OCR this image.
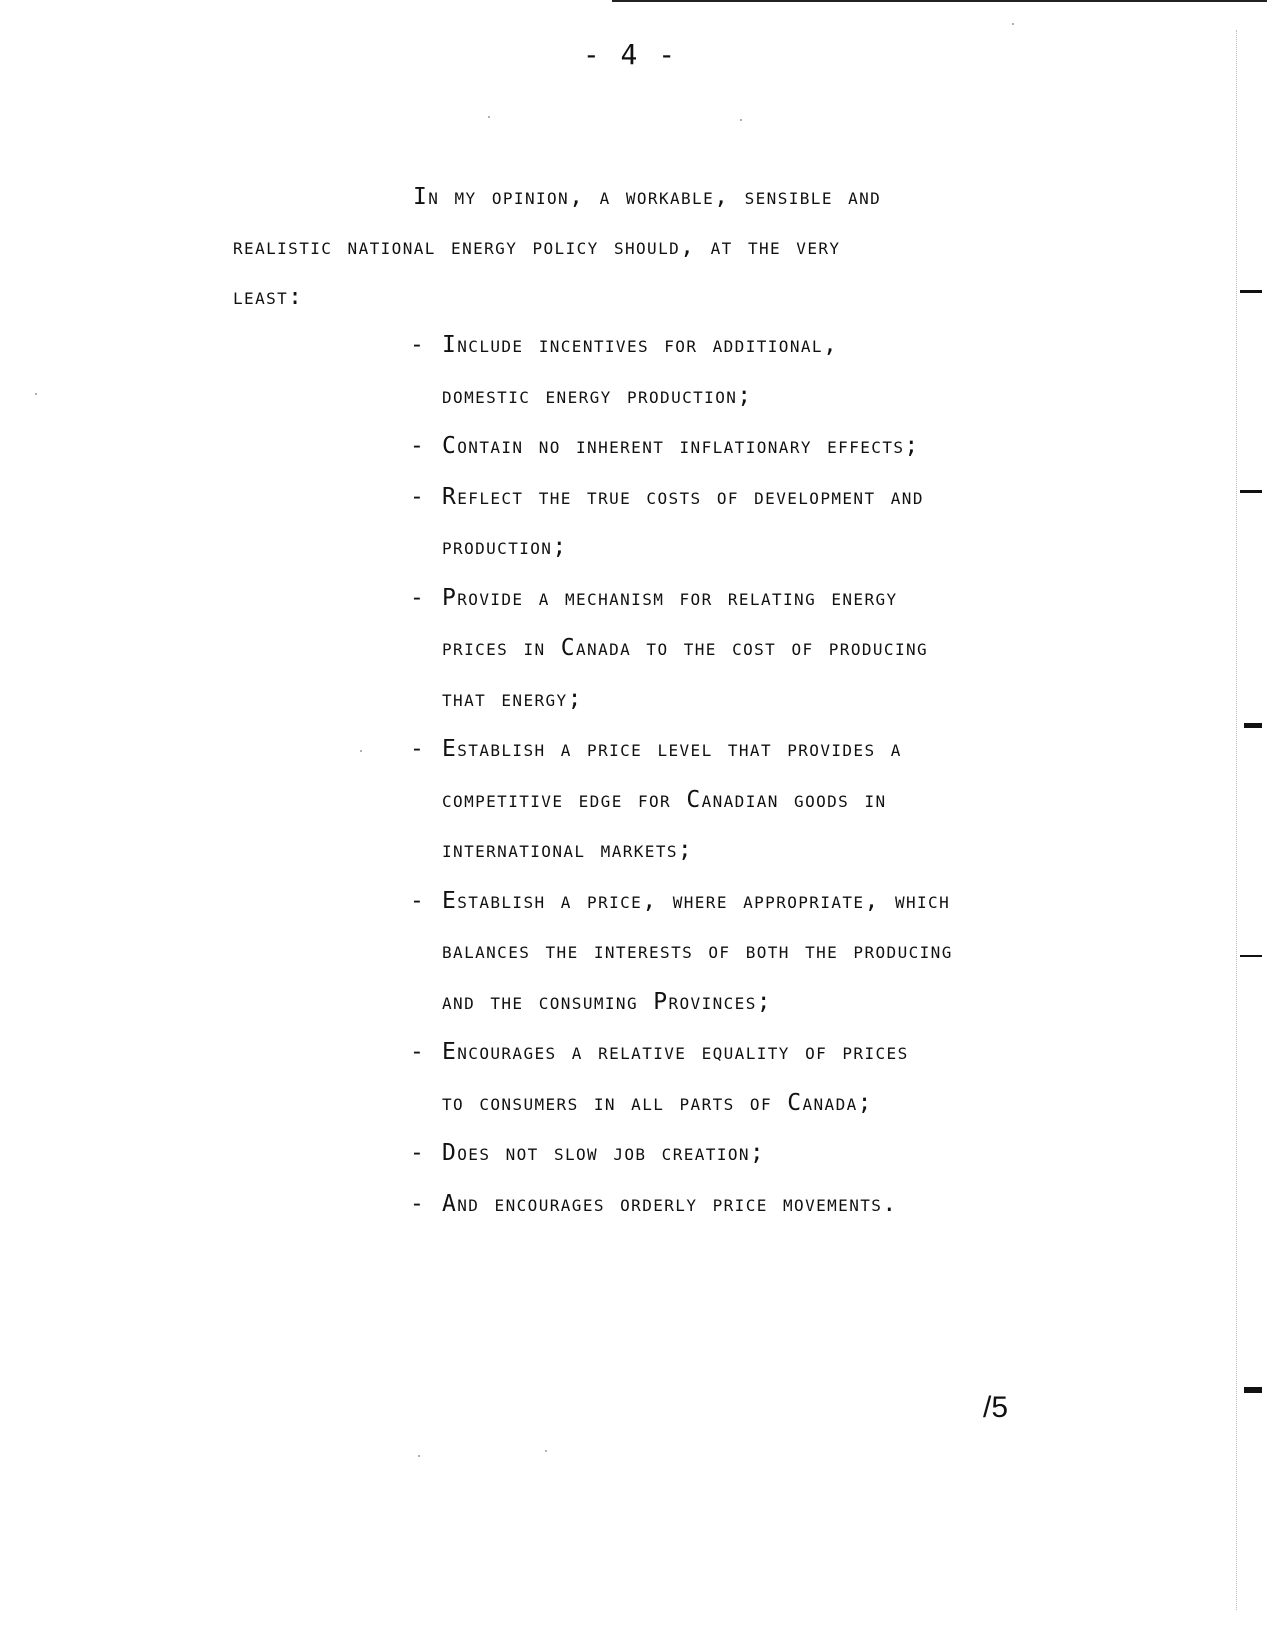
- 4 -
In my opinion, a workable, sensible and
realistic national energy policy should, at the very
least:
- Include incentives for additional,
domestic energy production;
- Contain no inherent inflationary effects;
- Reflect the true costs of development and
production;
- Provide a mechanism for relating energy
prices in Canada to the cost of producing
that energy;
- Establish a price level that provides a
competitive edge for Canadian goods in
international markets;
- Establish a price, where appropriate, which
balances the interests of both the producing
and the consuming Provinces;
- Encourages a relative equality of prices
to consumers in all parts of Canada;
- Does not slow job creation;
- And encourages orderly price movements.
/5
